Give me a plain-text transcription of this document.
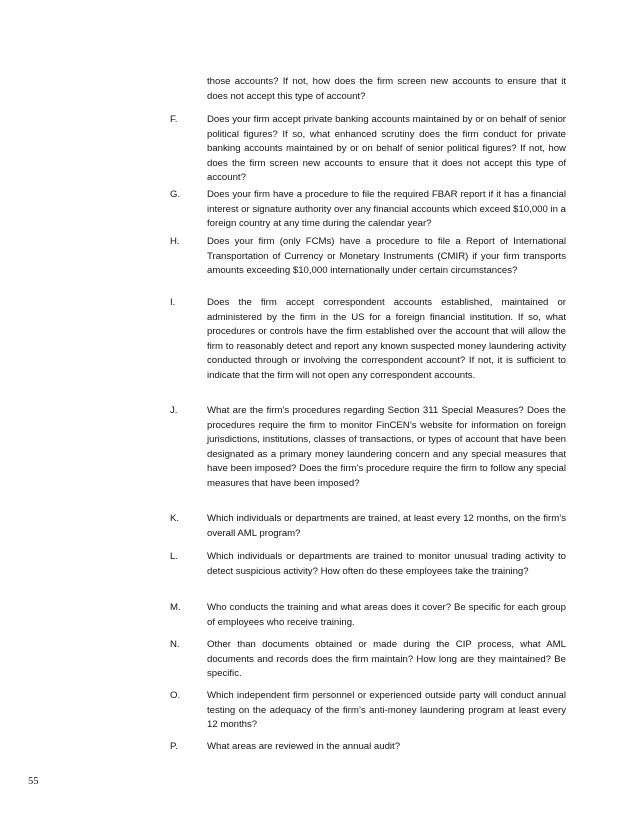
those accounts? If not, how does the firm screen new accounts to ensure that it does not accept this type of account?

F.	Does your firm accept private banking accounts maintained by or on behalf of senior political figures? If so, what enhanced scrutiny does the firm conduct for private banking accounts maintained by or on behalf of senior political figures? If not, how does the firm screen new accounts to ensure that it does not accept this type of account?

G.	Does your firm have a procedure to file the required FBAR report if it has a financial interest or signature authority over any financial accounts which exceed $10,000 in a foreign country at any time during the calendar year?

H.	Does your firm (only FCMs) have a procedure to file a Report of International Transportation of Currency or Monetary Instruments (CMIR) if your firm transports amounts exceeding $10,000 internationally under certain circumstances?

I.	Does the firm accept correspondent accounts established, maintained or administered by the firm in the US for a foreign financial institution. If so, what procedures or controls have the firm established over the account that will allow the firm to reasonably detect and report any known suspected money laundering activity conducted through or involving the correspondent account? If not, it is sufficient to indicate that the firm will not open any correspondent accounts.

J.	What are the firm’s procedures regarding Section 311 Special Measures? Does the procedures require the firm to monitor FinCEN’s website for information on foreign jurisdictions, institutions, classes of transactions, or types of account that have been designated as a primary money laundering concern and any special measures that have been imposed? Does the firm’s procedure require the firm to follow any special measures that have been imposed?

K.	Which individuals or departments are trained, at least every 12 months, on the firm’s overall AML program?

L.	Which individuals or departments are trained to monitor unusual trading activity to detect suspicious activity? How often do these employees take the training?

M.	Who conducts the training and what areas does it cover? Be specific for each group of employees who receive training.

N.	Other than documents obtained or made during the CIP process, what AML documents and records does the firm maintain? How long are they maintained? Be specific.

O.	Which independent firm personnel or experienced outside party will conduct annual testing on the adequacy of the firm’s anti-money laundering program at least every 12 months?

P.	What areas are reviewed in the annual audit?

55
